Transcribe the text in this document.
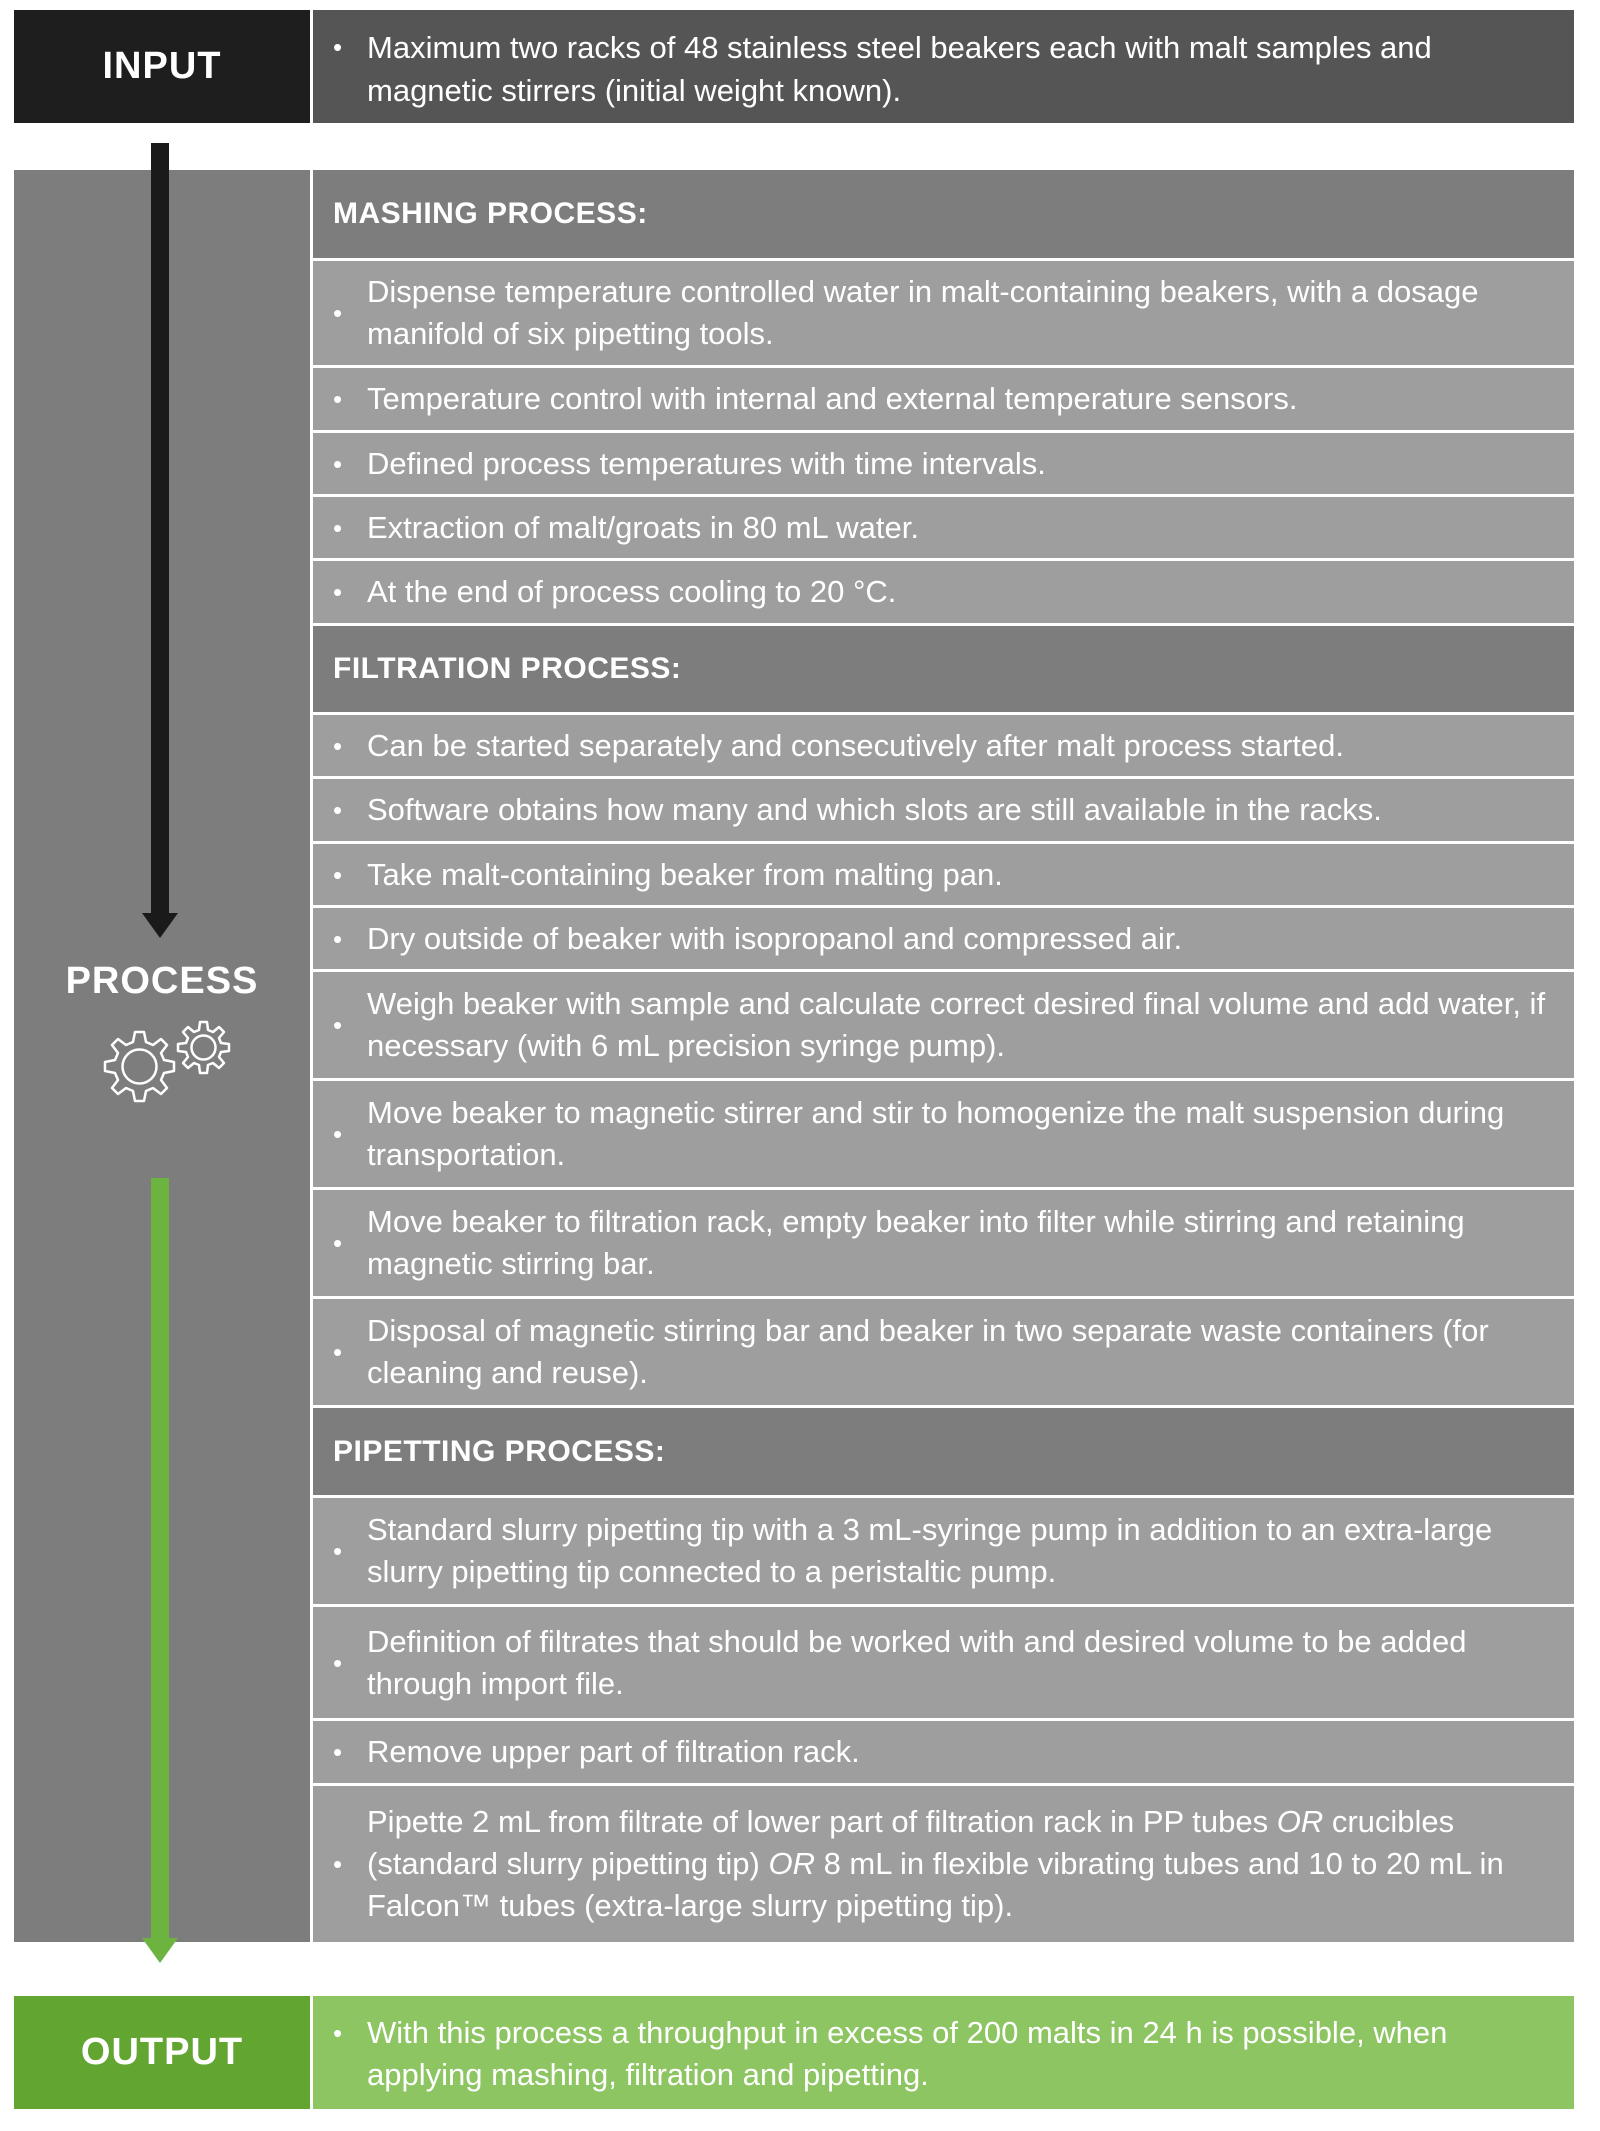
INPUT	• Maximum two racks of 48 stainless steel beakers each with malt samples and magnetic stirrers (initial weight known).
PROCESS
MASHING PROCESS:
•
Dispense temperature controlled water in malt-containing beakers, with a dosage manifold of six pipetting tools.
• Temperature control with internal and external temperature sensors.
• Defined process temperatures with time intervals.
• Extraction of malt/groats in 80 mL water.
• At the end of process cooling to 20 °C.
FILTRATION PROCESS:
• Can be started separately and consecutively after malt process started.
• Software obtains how many and which slots are still available in the racks.
• Take malt-containing beaker from malting pan.
• Dry outside of beaker with isopropanol and compressed air.
•
Weigh beaker with sample and calculate correct desired final volume and add water, if necessary (with 6 mL precision syringe pump).
•
Move beaker to magnetic stirrer and stir to homogenize the malt suspension during transportation.
•
Move beaker to filtration rack, empty beaker into filter while stirring and retaining magnetic stirring bar.
•
Disposal of magnetic stirring bar and beaker in two separate waste containers (for cleaning and reuse).
PIPETTING PROCESS:
•
Standard slurry pipetting tip with a 3 mL-syringe pump in addition to an extra-large slurry pipetting tip connected to a peristaltic pump.
•
Definition of filtrates that should be worked with and desired volume to be added through import file.
• Remove upper part of filtration rack.
•
Pipette 2 mL from filtrate of lower part of filtration rack in PP tubes OR crucibles (standard slurry pipetting tip) OR 8 mL in flexible vibrating tubes and 10 to 20 mL in Falcon™ tubes (extra-large slurry pipetting tip).
OUTPUT	• With this process a throughput in excess of 200 malts in 24 h is possible, when applying mashing, filtration and pipetting.
